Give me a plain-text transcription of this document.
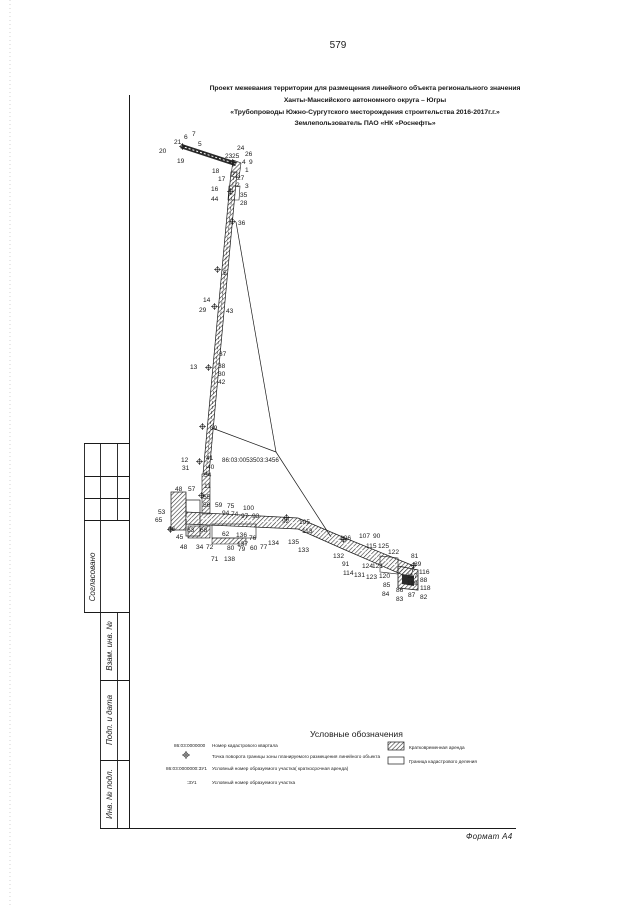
579
Проект межевания территории для размещения линейного объекта регионального значения
Ханты-Мансийского автономного округа – Югры
«Трубопроводы Южно-Сургутского месторождения строительства 2016-2017г.г.»
Землепользователь ПАО «НК «Роснефть»
Согласовано
Взам. инв. №
Подп. и дата
Инв. № подл.
20
21
6 7
5
19
24
25 26
23
4 9
18	1
27
17
2 3
16
35
44
28
36
5
14
29	43
37
13	38
30
42
39
12	41
31	40
54
11
48 57
55
56 59 75 100
53	94 74 97 93
65
66
92 105
63 68
62 136 76
113
45
137	134 135
48 34 72 80 79 60 77	133
106 107 90
71 138
115 125
122
81
132
89
91 124
121
116
114 131 123 120	117
88
119
85	118
86
84	87
83	82
86:03:0053503:3456
Условные обозначения
86:03:0000000 Номер кадастрового квартала
Точка поворота границы зоны планируемого размещения линейного объекта
86:03:0000000:ЗУ1 Условный номер образуемого участка( краткосрочная аренда)
:ЗУ1	Условный номер образуемого участка
Кратковременная аренда
Граница кадастрового деления
Формат А4
